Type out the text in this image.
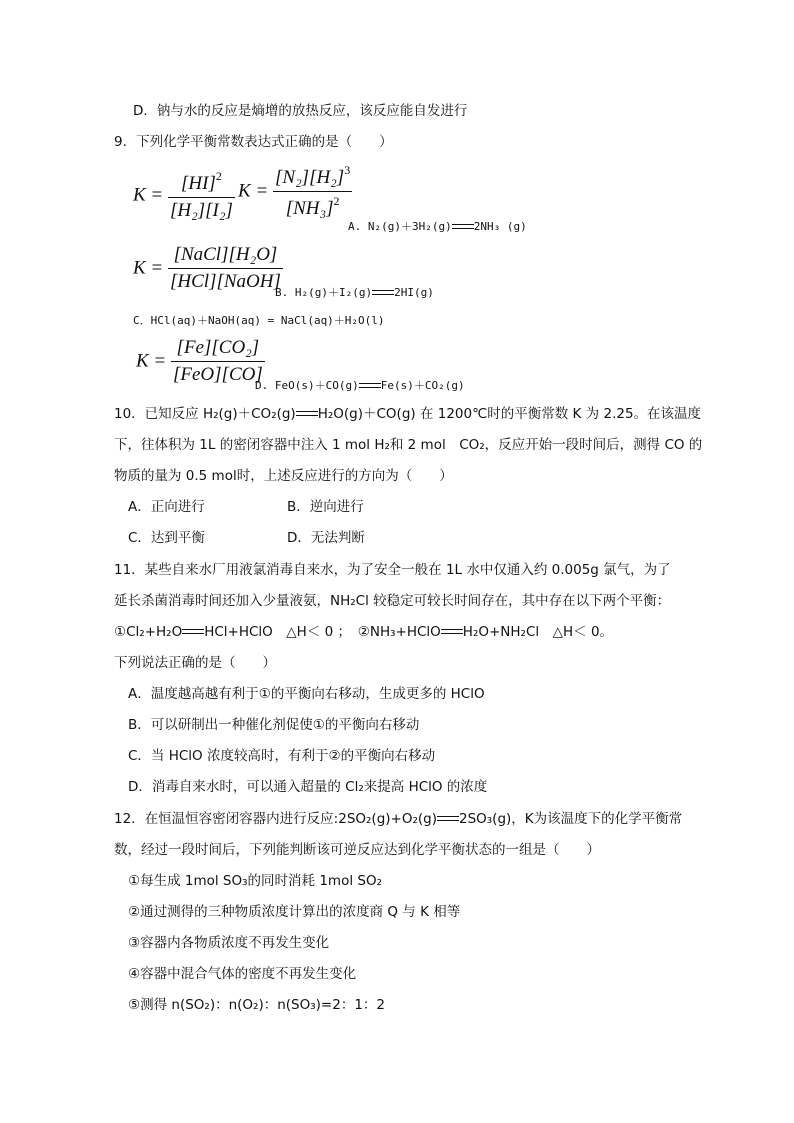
D．钠与水的反应是熵增的放热反应，该反应能自发进行
9．下列化学平衡常数表达式正确的是（　　）
$K = \frac{[HI]^2}{\text{[H₂][I₂]}}$ $K = \frac{[N_2][H_2]^3}{[NH_3]^2}$
A. N₂(g)＋3H₂(g) 2NH₃ (g)
$K = \frac{\text{[NaCl][H₂O]}}{\text{[HCl][NaOH]}}$
B. H₂(g)＋I₂(g) 2HI(g)
C．HCl(aq)＋NaOH(aq) = NaCl(aq)＋H₂O(l)
$K = \frac{\text{[Fe][CO₂]}}{\text{[FeO][CO]}}$
D. FeO(s)＋CO(g) Fe(s)＋CO₂(g)
10．已知反应 H₂(g)＋CO₂(g) H₂O(g)＋CO(g) 在 1200℃时的平衡常数 K 为 2.25。在该温度
下，往体积为 1L 的密闭容器中注入 1 mol H₂和 2 mol　CO₂，反应开始一段时间后，测得 CO 的
物质的量为 0.5 mol时，上述反应进行的方向为（　　）
A．正向进行	B．逆向进行
C．达到平衡	D．无法判断
11．某些自来水厂用液氯消毒自来水，为了安全一般在 1L 水中仅通入约 0.005g 氯气，为了
延长杀菌消毒时间还加入少量液氨，NH₂Cl 较稳定可较长时间存在，其中存在以下两个平衡：
①Cl₂+H₂O HCl+HClO　△H＜ 0 ；　 ②NH₃+HClO H₂O+NH₂Cl　△H＜ 0。
下列说法正确的是（　　）
A．温度越高越有利于①的平衡向右移动，生成更多的 HClO
B．可以研制出一种催化剂促使①的平衡向右移动
C．当 HClO 浓度较高时，有利于②的平衡向右移动
D．消毒自来水时，可以通入超量的 Cl₂来提高 HClO 的浓度
12．在恒温恒容密闭容器内进行反应:2SO₂(g)+O₂(g) 2SO₃(g)，K为该温度下的化学平衡常
数，经过一段时间后，下列能判断该可逆反应达到化学平衡状态的一组是（　　）
①每生成 1mol SO₃的同时消耗 1mol SO₂
②通过测得的三种物质浓度计算出的浓度商 Q 与 K 相等
③容器内各物质浓度不再发生变化
④容器中混合气体的密度不再发生变化
⑤测得 n(SO₂)：n(O₂)：n(SO₃)=2：1：2
